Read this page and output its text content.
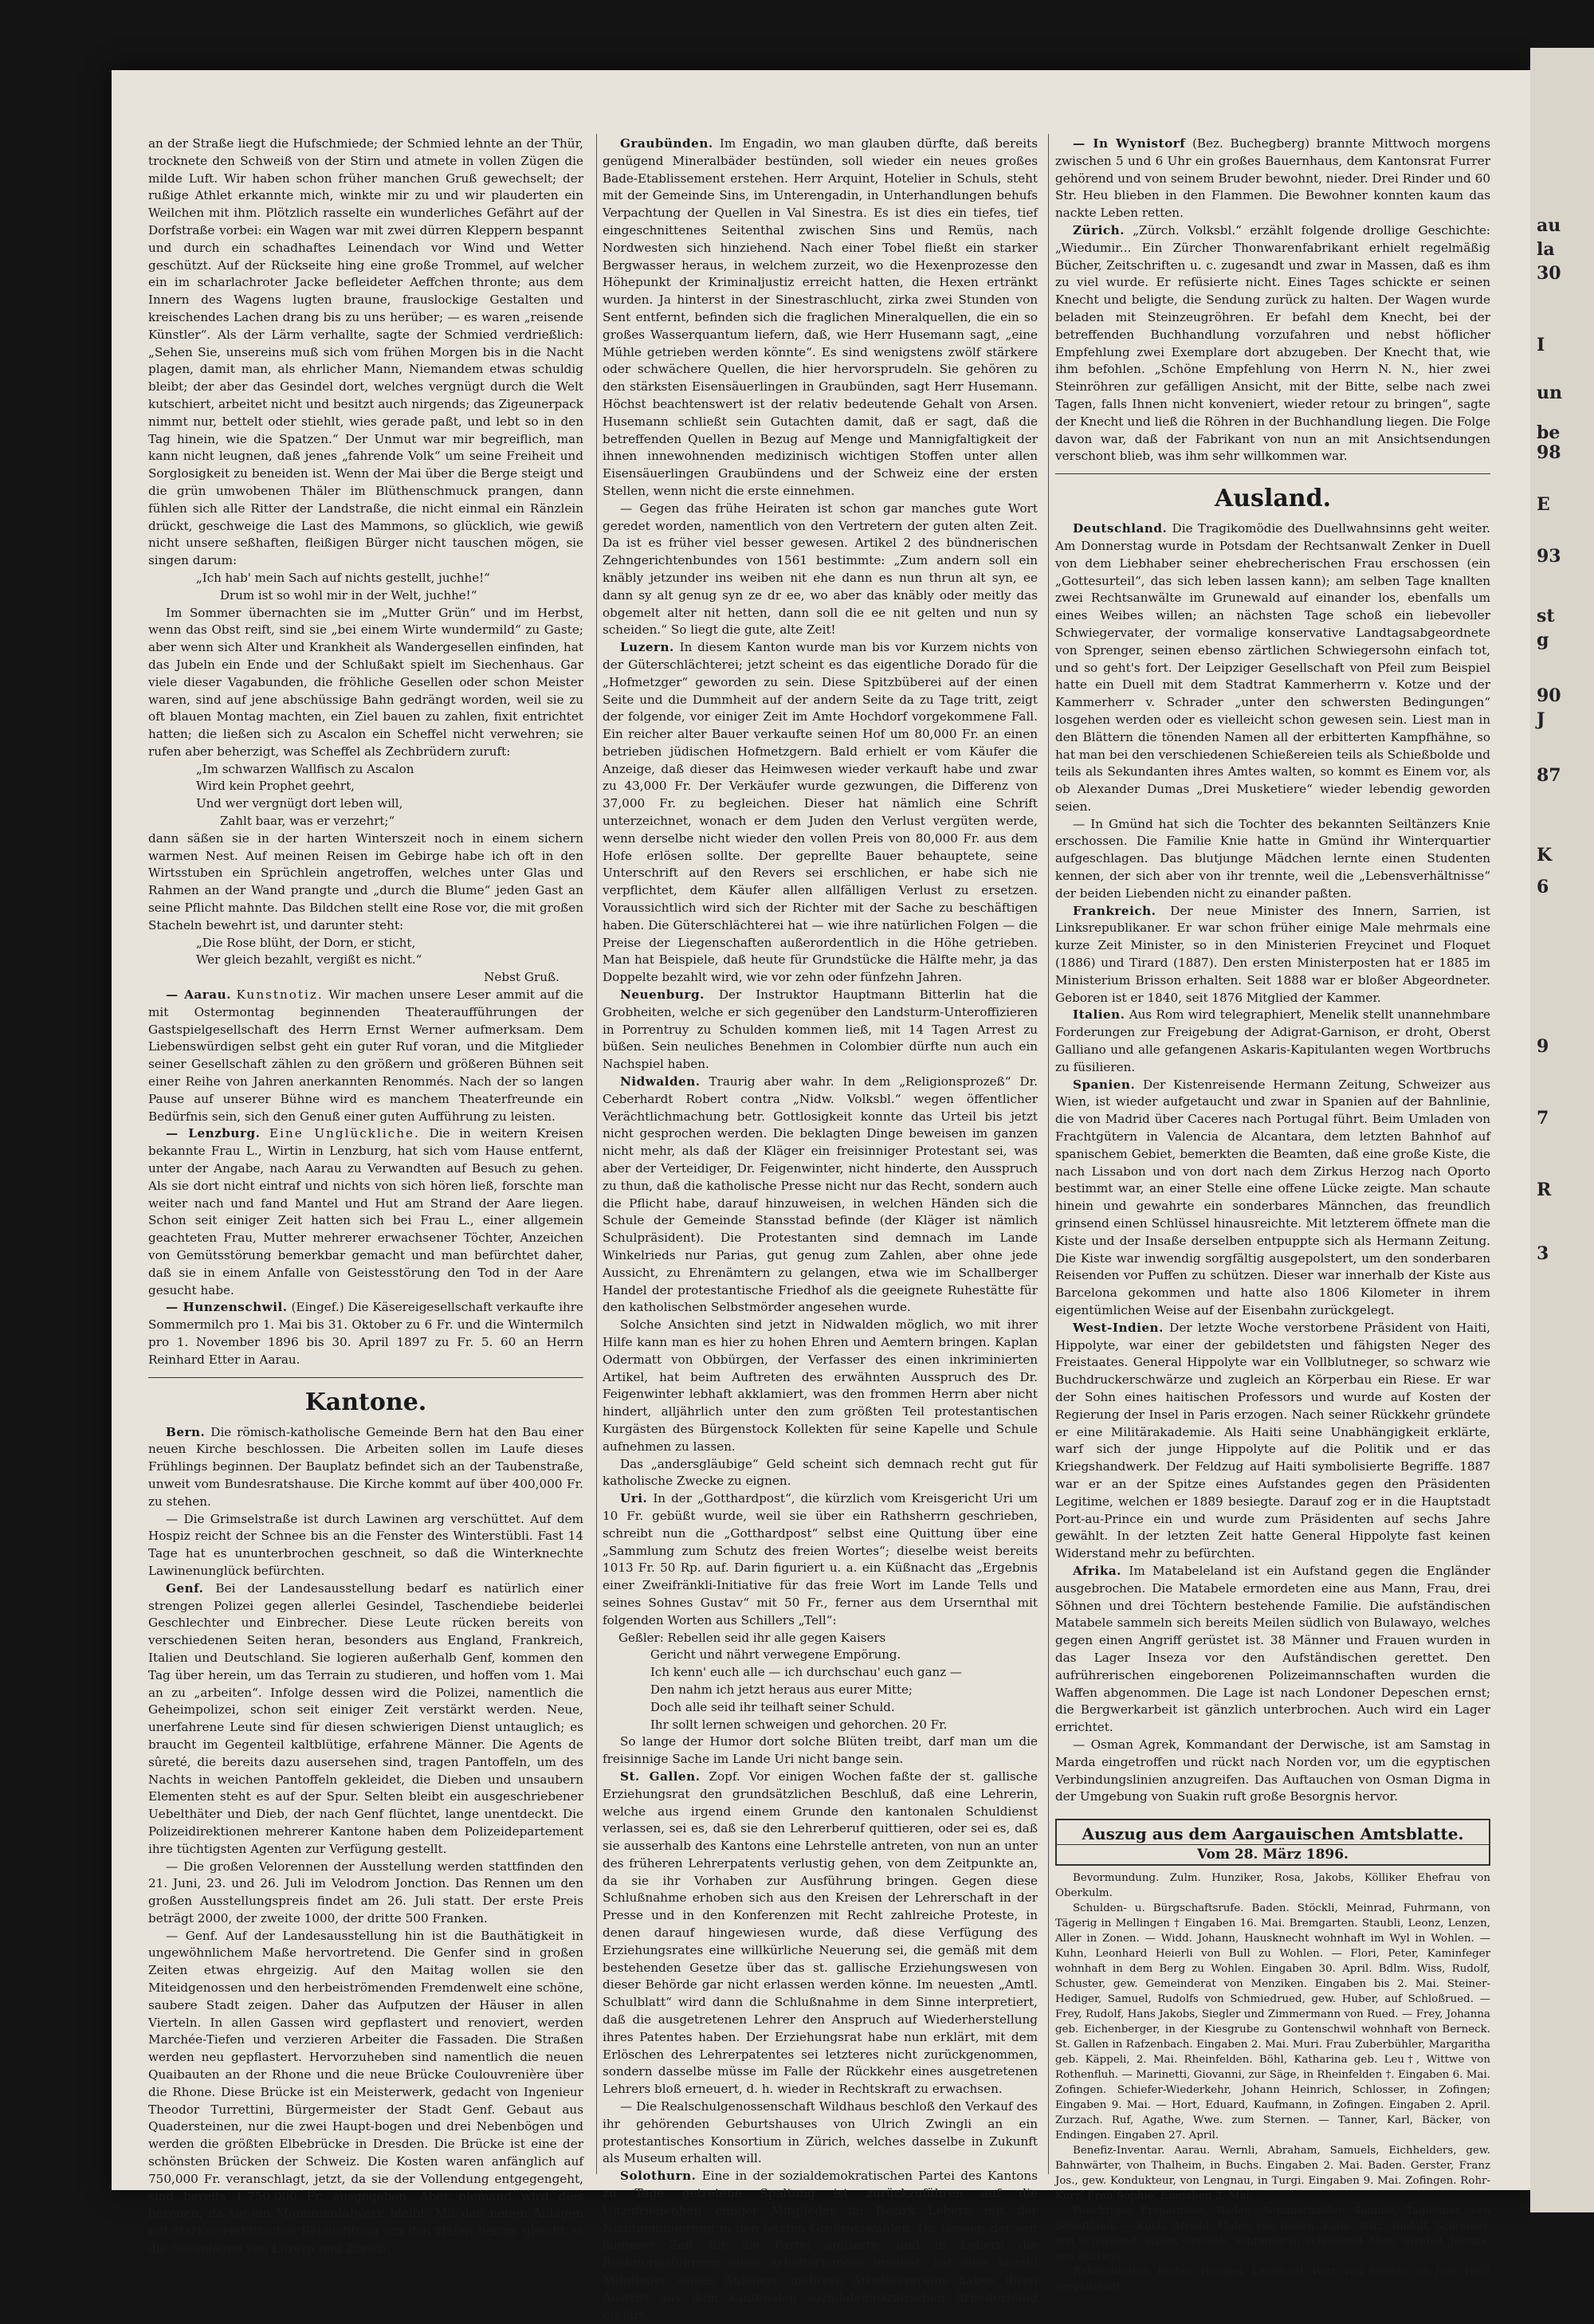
au
la
30
I
un
be
98
E
93
st
g
90
J
87
K
6
9
7
R
3

an der Straße liegt die Hufschmiede; der Schmied lehnte an der Thür, trocknete den Schweiß von der Stirn und atmete in vollen Zügen die milde Luft. Wir haben schon früher manchen Gruß gewechselt; der rußige Athlet erkannte mich, winkte mir zu und wir plauderten ein Weilchen mit ihm. Plötzlich rasselte ein wunderliches Gefährt auf der Dorfstraße vorbei: ein Wagen war mit zwei dürren Kleppern bespannt und durch ein schadhaftes Leinendach vor Wind und Wetter geschützt. Auf der Rückseite hing eine große Trommel, auf welcher ein im scharlachroter Jacke befleideter Aeffchen thronte; aus dem Innern des Wagens lugten braune, frauslockige Gestalten und kreischendes Lachen drang bis zu uns herüber; — es waren „reisende Künstler“. Als der Lärm verhallte, sagte der Schmied verdrießlich: „Sehen Sie, unsereins muß sich vom frühen Morgen bis in die Nacht plagen, damit man, als ehrlicher Mann, Niemandem etwas schuldig bleibt; der aber das Gesindel dort, welches vergnügt durch die Welt kutschiert, arbeitet nicht und besitzt auch nirgends; das Zigeunerpack nimmt nur, bettelt oder stiehlt, wies gerade paßt, und lebt so in den Tag hinein, wie die Spatzen.“ Der Unmut war mir begreiflich, man kann nicht leugnen, daß jenes „fahrende Volk“ um seine Freiheit und Sorglosigkeit zu beneiden ist. Wenn der Mai über die Berge steigt und die grün umwobenen Thäler im Blüthenschmuck prangen, dann fühlen sich alle Ritter der Landstraße, die nicht einmal ein Ränzlein drückt, geschweige die Last des Mammons, so glücklich, wie gewiß nicht unsere seßhaften, fleißigen Bürger nicht tauschen mögen, sie singen darum:

„Ich hab' mein Sach auf nichts gestellt, juchhe!“
Drum ist so wohl mir in der Welt, juchhe!“

Im Sommer übernachten sie im „Mutter Grün“ und im Herbst, wenn das Obst reift, sind sie „bei einem Wirte wundermild“ zu Gaste; aber wenn sich Alter und Krankheit als Wandergesellen einfinden, hat das Jubeln ein Ende und der Schlußakt spielt im Siechenhaus. Gar viele dieser Vagabunden, die fröhliche Gesellen oder schon Meister waren, sind auf jene abschüssige Bahn gedrängt worden, weil sie zu oft blauen Montag machten, ein Ziel bauen zu zahlen, fixit entrichtet hatten; die ließen sich zu Ascalon ein Scheffel nicht verwehren; sie rufen aber beherzigt, was Scheffel als Zechbrüdern zuruft:

„Im schwarzen Wallfisch zu Ascalon
Wird kein Prophet geehrt,
Und wer vergnügt dort leben will,
Zahlt baar, was er verzehrt;“

dann säßen sie in der harten Winterszeit noch in einem sichern warmen Nest. Auf meinen Reisen im Gebirge habe ich oft in den Wirtsstuben ein Sprüchlein angetroffen, welches unter Glas und Rahmen an der Wand prangte und „durch die Blume“ jeden Gast an seine Pflicht mahnte. Das Bildchen stellt eine Rose vor, die mit großen Stacheln bewehrt ist, und darunter steht:

„Die Rose blüht, der Dorn, er sticht,
Wer gleich bezahlt, vergißt es nicht.“

Nebst Gruß.

— Aarau. Kunstnotiz. Wir machen unsere Leser ammit auf die mit Ostermontag beginnenden Theateraufführungen der Gastspielgesellschaft des Herrn Ernst Werner aufmerksam. Dem Liebenswürdigen selbst geht ein guter Ruf voran, und die Mitglieder seiner Gesellschaft zählen zu den größern und größeren Bühnen seit einer Reihe von Jahren anerkannten Renommés. Nach der so langen Pause auf unserer Bühne wird es manchem Theaterfreunde ein Bedürfnis sein, sich den Genuß einer guten Aufführung zu leisten.

— Lenzburg. Eine Unglückliche. Die in weitern Kreisen bekannte Frau L., Wirtin in Lenzburg, hat sich vom Hause entfernt, unter der Angabe, nach Aarau zu Verwandten auf Besuch zu gehen. Als sie dort nicht eintraf und nichts von sich hören ließ, forschte man weiter nach und fand Mantel und Hut am Strand der Aare liegen. Schon seit einiger Zeit hatten sich bei Frau L., einer allgemein geachteten Frau, Mutter mehrerer erwachsener Töchter, Anzeichen von Gemütsstörung bemerkbar gemacht und man befürchtet daher, daß sie in einem Anfalle von Geistesstörung den Tod in der Aare gesucht habe.

— Hunzenschwil. (Eingef.) Die Käsereigesellschaft verkaufte ihre Sommermilch pro 1. Mai bis 31. Oktober zu 6 Fr. und die Wintermilch pro 1. November 1896 bis 30. April 1897 zu Fr. 5. 60 an Herrn Reinhard Etter in Aarau.

Kantone.

Bern. Die römisch-katholische Gemeinde Bern hat den Bau einer neuen Kirche beschlossen. Die Arbeiten sollen im Laufe dieses Frühlings beginnen. Der Bauplatz befindet sich an der Taubenstraße, unweit vom Bundesratshause. Die Kirche kommt auf über 400,000 Fr. zu stehen.

— Die Grimselstraße ist durch Lawinen arg verschüttet. Auf dem Hospiz reicht der Schnee bis an die Fenster des Winterstübli. Fast 14 Tage hat es ununterbrochen geschneit, so daß die Winterknechte Lawinenunglück befürchten.

Genf. Bei der Landesausstellung bedarf es natürlich einer strengen Polizei gegen allerlei Gesindel, Taschendiebe beiderlei Geschlechter und Einbrecher. Diese Leute rücken bereits von verschiedenen Seiten heran, besonders aus England, Frankreich, Italien und Deutschland. Sie logieren außerhalb Genf, kommen den Tag über herein, um das Terrain zu studieren, und hoffen vom 1. Mai an zu „arbeiten“. Infolge dessen wird die Polizei, namentlich die Geheimpolizei, schon seit einiger Zeit verstärkt werden. Neue, unerfahrene Leute sind für diesen schwierigen Dienst untauglich; es braucht im Gegenteil kaltblütige, erfahrene Männer. Die Agents de sûreté, die bereits dazu ausersehen sind, tragen Pantoffeln, um des Nachts in weichen Pantoffeln gekleidet, die Dieben und unsaubern Elementen steht es auf der Spur. Selten bleibt ein ausgeschriebener Uebelthäter und Dieb, der nach Genf flüchtet, lange unentdeckt. Die Polizeidirektionen mehrerer Kantone haben dem Polizeidepartement ihre tüchtigsten Agenten zur Verfügung gestellt.

— Die großen Velorennen der Ausstellung werden stattfinden den 21. Juni, 23. und 26. Juli im Velodrom Jonction. Das Rennen um den großen Ausstellungspreis findet am 26. Juli statt. Der erste Preis beträgt 2000, der zweite 1000, der dritte 500 Franken.

— Genf. Auf der Landesausstellung hin ist die Bauthätigkeit in ungewöhnlichem Maße hervortretend. Die Genfer sind in großen Zeiten etwas ehrgeizig. Auf den Maitag wollen sie den Miteidgenossen und den herbeiströmenden Fremdenwelt eine schöne, saubere Stadt zeigen. Daher das Aufputzen der Häuser in allen Vierteln. In allen Gassen wird gepflastert und renoviert, werden Marchée-Tiefen und verzieren Arbeiter die Fassaden. Die Straßen werden neu gepflastert. Hervorzuheben sind namentlich die neuen Quaibauten an der Rhone und die neue Brücke Coulouvrenière über die Rhone. Diese Brücke ist ein Meisterwerk, gedacht von Ingenieur Theodor Turrettini, Bürgermeister der Stadt Genf. Gebaut aus Quadersteinen, nur die zwei Haupt-bogen und drei Nebenbögen und werden die größten Elbebrücke in Dresden. Die Brücke ist eine der schönsten Brücken der Schweiz. Die Kosten waren anfänglich auf 750,000 Fr. veranschlagt, jetzt, da sie der Vollendung entgegengeht, sind bereits 1,750,000 Fr. ausgegeben. Aber niemand wird dies bereuen, da sie ein Monumentalwerk bleibt. Mit den neuen Anlagen mit starker elektrischer Beleuchtung um den Hafen herum gleicht es die Seeanlagen von Luzern und Zürich.

Graubünden. Im Engadin, wo man glauben dürfte, daß bereits genügend Mineralbäder bestünden, soll wieder ein neues großes Bade-Etablissement erstehen. Herr Arquint, Hotelier in Schuls, steht mit der Gemeinde Sins, im Unterengadin, in Unterhandlungen behufs Verpachtung der Quellen in Val Sinestra. Es ist dies ein tiefes, tief eingeschnittenes Seitenthal zwischen Sins und Remüs, nach Nordwesten sich hinziehend. Nach einer Tobel fließt ein starker Bergwasser heraus, in welchem zurzeit, wo die Hexenprozesse den Höhepunkt der Kriminaljustiz erreicht hatten, die Hexen ertränkt wurden. Ja hinterst in der Sinestraschlucht, zirka zwei Stunden von Sent entfernt, befinden sich die fraglichen Mineralquellen, die ein so großes Wasserquantum liefern, daß, wie Herr Husemann sagt, „eine Mühle getrieben werden könnte“. Es sind wenigstens zwölf stärkere oder schwächere Quellen, die hier hervorsprudeln. Sie gehören zu den stärksten Eisensäuerlingen in Graubünden, sagt Herr Husemann. Höchst beachtenswert ist der relativ bedeutende Gehalt von Arsen. Husemann schließt sein Gutachten damit, daß er sagt, daß die betreffenden Quellen in Bezug auf Menge und Mannigfaltigkeit der ihnen innewohnenden medizinisch wichtigen Stoffen unter allen Eisensäuerlingen Graubündens und der Schweiz eine der ersten Stellen, wenn nicht die erste einnehmen.

— Gegen das frühe Heiraten ist schon gar manches gute Wort geredet worden, namentlich von den Vertretern der guten alten Zeit. Da ist es früher viel besser gewesen. Artikel 2 des bündnerischen Zehngerichtenbundes von 1561 bestimmte: „Zum andern soll ein knäbly jetzunder ins weiben nit ehe dann es nun thrun alt syn, ee dann sy alt genug syn ze dr ee, wo aber das knäbly oder meitly das obgemelt alter nit hetten, dann soll die ee nit gelten und nun sy scheiden.“ So liegt die gute, alte Zeit!

Luzern. In diesem Kanton wurde man bis vor Kurzem nichts von der Güterschlächterei; jetzt scheint es das eigentliche Dorado für die „Hofmetzger“ geworden zu sein. Diese Spitzbüberei auf der einen Seite und die Dummheit auf der andern Seite da zu Tage tritt, zeigt der folgende, vor einiger Zeit im Amte Hochdorf vorgekommene Fall. Ein reicher alter Bauer verkaufte seinen Hof um 80,000 Fr. an einen betrieben jüdischen Hofmetzgern. Bald erhielt er vom Käufer die Anzeige, daß dieser das Heimwesen wieder verkauft habe und zwar zu 43,000 Fr. Der Verkäufer wurde gezwungen, die Differenz von 37,000 Fr. zu begleichen. Dieser hat nämlich eine Schrift unterzeichnet, wonach er dem Juden den Verlust vergüten werde, wenn derselbe nicht wieder den vollen Preis von 80,000 Fr. aus dem Hofe erlösen sollte. Der geprellte Bauer behauptete, seine Unterschrift auf den Revers sei erschlichen, er habe sich nie verpflichtet, dem Käufer allen allfälligen Verlust zu ersetzen. Voraussichtlich wird sich der Richter mit der Sache zu beschäftigen haben. Die Güterschlächterei hat — wie ihre natürlichen Folgen — die Preise der Liegenschaften außerordentlich in die Höhe getrieben. Man hat Beispiele, daß heute für Grundstücke die Hälfte mehr, ja das Doppelte bezahlt wird, wie vor zehn oder fünfzehn Jahren.

Neuenburg. Der Instruktor Hauptmann Bitterlin hat die Grobheiten, welche er sich gegenüber den Landsturm-Unteroffizieren in Porrentruy zu Schulden kommen ließ, mit 14 Tagen Arrest zu büßen. Sein neuliches Benehmen in Colombier dürfte nun auch ein Nachspiel haben.

Nidwalden. Traurig aber wahr. In dem „Religionsprozeß“ Dr. Ceberhardt Robert contra „Nidw. Volksbl.“ wegen öffentlicher Verächtlichmachung betr. Gottlosigkeit konnte das Urteil bis jetzt nicht gesprochen werden. Die beklagten Dinge beweisen im ganzen nicht mehr, als daß der Kläger ein freisinniger Protestant sei, was aber der Verteidiger, Dr. Feigenwinter, nicht hinderte, den Ausspruch zu thun, daß die katholische Presse nicht nur das Recht, sondern auch die Pflicht habe, darauf hinzuweisen, in welchen Händen sich die Schule der Gemeinde Stansstad befinde (der Kläger ist nämlich Schulpräsident). Die Protestanten sind demnach im Lande Winkelrieds nur Parias, gut genug zum Zahlen, aber ohne jede Aussicht, zu Ehrenämtern zu gelangen, etwa wie im Schallberger Handel der protestantische Friedhof als die geeignete Ruhestätte für den katholischen Selbstmörder angesehen wurde.

Solche Ansichten sind jetzt in Nidwalden möglich, wo mit ihrer Hilfe kann man es hier zu hohen Ehren und Aemtern bringen. Kaplan Odermatt von Obbürgen, der Verfasser des einen inkriminierten Artikel, hat beim Auftreten des erwähnten Ausspruch des Dr. Feigenwinter lebhaft akklamiert, was den frommen Herrn aber nicht hindert, alljährlich unter den zum größten Teil protestantischen Kurgästen des Bürgenstock Kollekten für seine Kapelle und Schule aufnehmen zu lassen.

Das „andersgläubige“ Geld scheint sich demnach recht gut für katholische Zwecke zu eignen.

Uri. In der „Gotthardpost“, die kürzlich vom Kreisgericht Uri um 10 Fr. gebüßt wurde, weil sie über ein Rathsherrn geschrieben, schreibt nun die „Gotthardpost“ selbst eine Quittung über eine „Sammlung zum Schutz des freien Wortes“; dieselbe weist bereits 1013 Fr. 50 Rp. auf. Darin figuriert u. a. ein Küßnacht das „Ergebnis einer Zweifränkli-Initiative für das freie Wort im Lande Tells und seines Sohnes Gustav“ mit 50 Fr., ferner aus dem Ursernthal mit folgenden Worten aus Schillers „Tell“:

Geßler: Rebellen seid ihr alle gegen Kaisers
Gericht und nährt verwegene Empörung.
Ich kenn' euch alle — ich durchschau' euch ganz —
Den nahm ich jetzt heraus aus eurer Mitte;
Doch alle seid ihr teilhaft seiner Schuld.
Ihr sollt lernen schweigen und gehorchen. 20 Fr.

So lange der Humor dort solche Blüten treibt, darf man um die freisinnige Sache im Lande Uri nicht bange sein.

St. Gallen. Zopf. Vor einigen Wochen faßte der st. gallische Erziehungsrat den grundsätzlichen Beschluß, daß eine Lehrerin, welche aus irgend einem Grunde den kantonalen Schuldienst verlassen, sei es, daß sie den Lehrerberuf quittieren, oder sei es, daß sie ausserhalb des Kantons eine Lehrstelle antreten, von nun an unter des früheren Lehrerpatents verlustig gehen, von dem Zeitpunkte an, da sie ihr Vorhaben zur Ausführung bringen. Gegen diese Schlußnahme erhoben sich aus den Kreisen der Lehrerschaft in der Presse und in den Konferenzen mit Recht zahlreiche Proteste, in denen darauf hingewiesen wurde, daß diese Verfügung des Erziehungsrates eine willkürliche Neuerung sei, die gemäß mit dem bestehenden Gesetze über das st. gallische Erziehungswesen von dieser Behörde gar nicht erlassen werden könne. Im neuesten „Amtl. Schulblatt“ wird dann die Schlußnahme in dem Sinne interpretiert, daß die ausgetretenen Lehrer den Anspruch auf Wiederherstellung ihres Patentes haben. Der Erziehungsrat habe nun erklärt, mit dem Erlöschen des Lehrerpatentes sei letzteres nicht zurückgenommen, sondern dasselbe müsse im Falle der Rückkehr eines ausgetretenen Lehrers bloß erneuert, d. h. wieder in Rechtskraft zu erwachsen.

— Die Realschulgenossenschaft Wildhaus beschloß den Verkauf des ihr gehörenden Geburtshauses von Ulrich Zwingli an ein protestantisches Konsortium in Zürich, welches dasselbe in Zukunft als Museum erhalten will.

Solothurn. Eine in der sozialdemokratischen Partei des Kantons zu Tage getretene Spaltung ist zurückzuführen auf die Unzufriedenheit einiger Mitglieder im Bezirk Lebern mit der Nichtnominierung in den letzten Großratswahlen. Dr. Gasser, der seit längerer Zeit für die Partei agitierte, und in Lebern die Rechnungsführung eines Arbeiterbundes innehat, hat eine Anzahl Mitglieder seines Anhangs, mehrere Arbeitervereine haben ihren Austritt aus dem kantonalen sozial-demokratischen Arbeiterbund erklärt.

— In Wynistorf (Bez. Buchegberg) brannte Mittwoch morgens zwischen 5 und 6 Uhr ein großes Bauernhaus, dem Kantonsrat Furrer gehörend und von seinem Bruder bewohnt, nieder. Drei Rinder und 60 Str. Heu blieben in den Flammen. Die Bewohner konnten kaum das nackte Leben retten.

Zürich. „Zürch. Volksbl.“ erzählt folgende drollige Geschichte: „Wiedumir... Ein Zürcher Thonwarenfabrikant erhielt regelmäßig Bücher, Zeitschriften u. c. zugesandt und zwar in Massen, daß es ihm zu viel wurde. Er refüsierte nicht. Eines Tages schickte er seinen Knecht und beligte, die Sendung zurück zu halten. Der Wagen wurde beladen mit Steinzeugröhren. Er befahl dem Knecht, bei der betreffenden Buchhandlung vorzufahren und nebst höflicher Empfehlung zwei Exemplare dort abzugeben. Der Knecht that, wie ihm befohlen. „Schöne Empfehlung von Herrn N. N., hier zwei Steinröhren zur gefälligen Ansicht, mit der Bitte, selbe nach zwei Tagen, falls Ihnen nicht konveniert, wieder retour zu bringen“, sagte der Knecht und ließ die Röhren in der Buchhandlung liegen. Die Folge davon war, daß der Fabrikant von nun an mit Ansichtsendungen verschont blieb, was ihm sehr willkommen war.

Ausland.

Deutschland. Die Tragikomödie des Duellwahnsinns geht weiter. Am Donnerstag wurde in Potsdam der Rechtsanwalt Zenker in Duell von dem Liebhaber seiner ehebrecherischen Frau erschossen (ein „Gottesurteil“, das sich leben lassen kann); am selben Tage knallten zwei Rechtsanwälte im Grunewald auf einander los, ebenfalls um eines Weibes willen; an nächsten Tage schoß ein liebevoller Schwiegervater, der vormalige konservative Landtagsabgeordnete von Sprenger, seinen ebenso zärtlichen Schwiegersohn einfach tot, und so geht's fort. Der Leipziger Gesellschaft von Pfeil zum Beispiel hatte ein Duell mit dem Stadtrat Kammerherrn v. Kotze und der Kammerherr v. Schrader „unter den schwersten Bedingungen“ losgehen werden oder es vielleicht schon gewesen sein. Liest man in den Blättern die tönenden Namen all der erbitterten Kampfhähne, so hat man bei den verschiedenen Schießereien teils als Schießbolde und teils als Sekundanten ihres Amtes walten, so kommt es Einem vor, als ob Alexander Dumas „Drei Musketiere“ wieder lebendig geworden seien.

— In Gmünd hat sich die Tochter des bekannten Seiltänzers Knie erschossen. Die Familie Knie hatte in Gmünd ihr Winterquartier aufgeschlagen. Das blutjunge Mädchen lernte einen Studenten kennen, der sich aber von ihr trennte, weil die „Lebensverhältnisse“ der beiden Liebenden nicht zu einander paßten.

Frankreich. Der neue Minister des Innern, Sarrien, ist Linksrepublikaner. Er war schon früher einige Male mehrmals eine kurze Zeit Minister, so in den Ministerien Freycinet und Floquet (1886) und Tirard (1887). Den ersten Ministerposten hat er 1885 im Ministerium Brisson erhalten. Seit 1888 war er bloßer Abgeordneter. Geboren ist er 1840, seit 1876 Mitglied der Kammer.

Italien. Aus Rom wird telegraphiert, Menelik stellt unannehmbare Forderungen zur Freigebung der Adigrat-Garnison, er droht, Oberst Galliano und alle gefangenen Askaris-Kapitulanten wegen Wortbruchs zu füsilieren.

Spanien. Der Kistenreisende Hermann Zeitung, Schweizer aus Wien, ist wieder aufgetaucht und zwar in Spanien auf der Bahnlinie, die von Madrid über Caceres nach Portugal führt. Beim Umladen von Frachtgütern in Valencia de Alcantara, dem letzten Bahnhof auf spanischem Gebiet, bemerkten die Beamten, daß eine große Kiste, die nach Lissabon und von dort nach dem Zirkus Herzog nach Oporto bestimmt war, an einer Stelle eine offene Lücke zeigte. Man schaute hinein und gewahrte ein sonderbares Männchen, das freundlich grinsend einen Schlüssel hinausreichte. Mit letzterem öffnete man die Kiste und der Insaße derselben entpuppte sich als Hermann Zeitung. Die Kiste war inwendig sorgfältig ausgepolstert, um den sonderbaren Reisenden vor Puffen zu schützen. Dieser war innerhalb der Kiste aus Barcelona gekommen und hatte also 1806 Kilometer in ihrem eigentümlichen Weise auf der Eisenbahn zurückgelegt.

West-Indien. Der letzte Woche verstorbene Präsident von Haiti, Hippolyte, war einer der gebildetsten und fähigsten Neger des Freistaates. General Hippolyte war ein Vollblutneger, so schwarz wie Buchdruckerschwärze und zugleich an Körperbau ein Riese. Er war der Sohn eines haitischen Professors und wurde auf Kosten der Regierung der Insel in Paris erzogen. Nach seiner Rückkehr gründete er eine Militärakademie. Als Haiti seine Unabhängigkeit erklärte, warf sich der junge Hippolyte auf die Politik und er das Kriegshandwerk. Der Feldzug auf Haiti symbolisierte Begriffe. 1887 war er an der Spitze eines Aufstandes gegen den Präsidenten Legitime, welchen er 1889 besiegte. Darauf zog er in die Hauptstadt Port-au-Prince ein und wurde zum Präsidenten auf sechs Jahre gewählt. In der letzten Zeit hatte General Hippolyte fast keinen Widerstand mehr zu befürchten.

Afrika. Im Matabeleland ist ein Aufstand gegen die Engländer ausgebrochen. Die Matabele ermordeten eine aus Mann, Frau, drei Söhnen und drei Töchtern bestehende Familie. Die aufständischen Matabele sammeln sich bereits Meilen südlich von Bulawayo, welches gegen einen Angriff gerüstet ist. 38 Männer und Frauen wurden in das Lager Inseza vor den Aufständischen gerettet. Den aufrührerischen eingeborenen Polizeimannschaften wurden die Waffen abgenommen. Die Lage ist nach Londoner Depeschen ernst; die Bergwerkarbeit ist gänzlich unterbrochen. Auch wird ein Lager errichtet.

— Osman Agrek, Kommandant der Derwische, ist am Samstag in Marda eingetroffen und rückt nach Norden vor, um die egyptischen Verbindungslinien anzugreifen. Das Auftauchen von Osman Digma in der Umgebung von Suakin ruft große Besorgnis hervor.

Auszug aus dem Aargauischen Amtsblatte.
Vom 28. März 1896.

Bevormundung. Zulm. Hunziker, Rosa, Jakobs, Kölliker Ehefrau von Oberkulm.

Schulden- u. Bürgschaftsrufe. Baden. Stöckli, Meinrad, Fuhrmann, von Tägerig in Mellingen † Eingaben 16. Mai. Bremgarten. Staubli, Leonz, Lenzen, Aller in Zonen. — Widd. Johann, Hausknecht wohnhaft im Wyl in Wohlen. — Kuhn, Leonhard Heierli von Bull zu Wohlen. — Flori, Peter, Kaminfeger wohnhaft in dem Berg zu Wohlen. Eingaben 30. April. Bdlm. Wiss, Rudolf, Schuster, gew. Gemeinderat von Menziken. Eingaben bis 2. Mai. Steiner-Hediger, Samuel, Rudolfs von Schmiedrued, gew. Huber, auf Schloßrued. — Frey, Rudolf, Hans Jakobs, Siegler und Zimmermann von Rued. — Frey, Johanna geb. Eichenberger, in der Kiesgrube zu Gontenschwil wohnhaft von Berneck. St. Gallen in Rafzenbach. Eingaben 2. Mai. Muri. Frau Zuberbühler, Margaritha geb. Käppeli, 2. Mai. Rheinfelden. Böhl, Katharina geb. Leu†, Wittwe von Rothenfluh. — Marinetti, Giovanni, zur Säge, in Rheinfelden †. Eingaben 6. Mai. Zofingen. Schiefer-Wiederkehr, Johann Heinrich, Schlosser, in Zofingen; Eingaben 9. Mai. — Hort, Eduard, Kaufmann, in Zofingen. Eingaben 2. April. Zurzach. Ruf, Agathe, Wwe. zum Sternen. — Tanner, Karl, Bäcker, von Endingen. Eingaben 27. April.

Benefiz-Inventar. Aarau. Wernli, Abraham, Samuels, Eichhelders, gew. Bahnwärter, von Thalheim, in Buchs. Eingaben 2. Mai. Baden. Gerster, Franz Jos., gew. Kondukteur, von Lengnau, in Turgi. Eingaben 9. Mai. Zofingen. Rohr-Kurz, Frau Sophie. Eingaben 2. Mai.

Feuchtiges Ersparnisse. Baden. Sommerhalder, Samuel, Taglöhner, von Schöftland. — Kuch, Arnold, Maler, von Baden. Kulm. Wirz, Rudolf, Schreiner, von Schöftland. Stiller, Gottlieb, Schreiner in Schöftland. Muri. Strebel, Justina, von Buttwyl.

Rehabilitation. Baden. Humbel, Leonhard, Wirt, von Stetten, im Jahr 1883 vergeltstagt.
